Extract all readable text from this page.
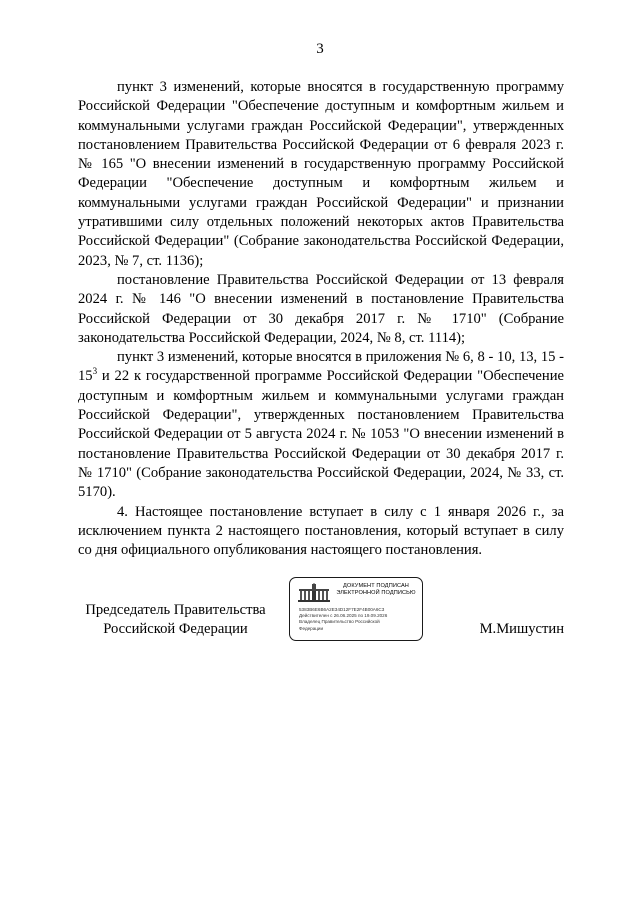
3

пункт 3 изменений, которые вносятся в государственную программу Российской Федерации "Обеспечение доступным и комфортным жильем и коммунальными услугами граждан Российской Федерации", утвержденных постановлением Правительства Российской Федерации от 6 февраля 2023 г. № 165 "О внесении изменений в государственную программу Российской Федерации "Обеспечение доступным и комфортным жильем и коммунальными услугами граждан Российской Федерации" и признании утратившими силу отдельных положений некоторых актов Правительства Российской Федерации" (Собрание законодательства Российской Федерации, 2023, № 7, ст. 1136);

постановление Правительства Российской Федерации от 13 февраля 2024 г. № 146 "О внесении изменений в постановление Правительства Российской Федерации от 30 декабря 2017 г. № 1710" (Собрание законодательства Российской Федерации, 2024, № 8, ст. 1114);

пункт 3 изменений, которые вносятся в приложения № 6, 8 - 10, 13, $15 - 15^3$ и 22 к государственной программе Российской Федерации "Обеспечение доступным и комфортным жильем и коммунальными услугами граждан Российской Федерации", утвержденных постановлением Правительства Российской Федерации от 5 августа 2024 г. № 1053 "О внесении изменений в постановление Правительства Российской Федерации от 30 декабря 2017 г. № 1710" (Собрание законодательства Российской Федерации, 2024, № 33, ст. 5170).

4. Настоящее постановление вступает в силу с 1 января 2026 г., за исключением пункта 2 настоящего постановления, который вступает в силу со дня официального опубликования настоящего постановления.

Председатель Правительства
Российской Федерации
ДОКУМЕНТ ПОДПИСАН
ЭЛЕКТРОННОЙ ПОДПИСЬЮ
5383B6E6B6A2E34D12F7E2F4B00A6C3
Действителен с 26.06.2025 по 19.09.2026
Владелец Правительство Российской
Федерации	М.Мишустин
